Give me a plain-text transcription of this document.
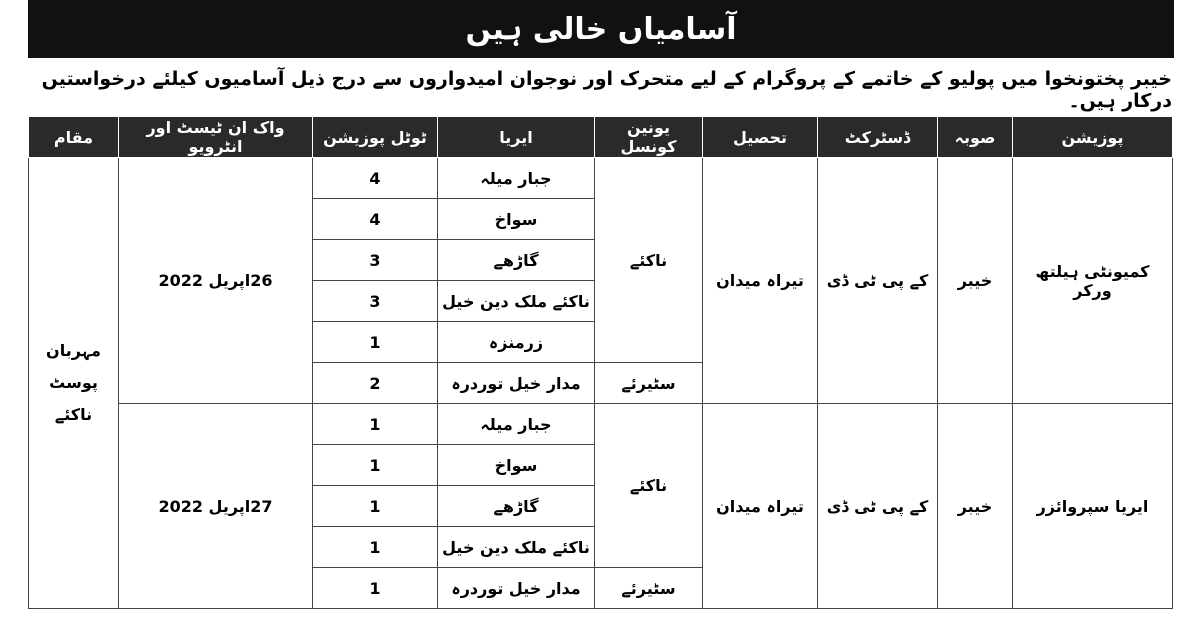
آسامیاں خالی ہیں
خیبر پختونخوا میں پولیو کے خاتمے کے پروگرام کے لیے متحرک اور نوجوان امیدواروں سے درج ذیل آسامیوں کیلئے درخواستیں درکار ہیں۔
پوزیشن	صوبہ	ڈسٹرکٹ	تحصیل	یونین کونسل	ایریا	ٹوٹل پوزیشن	واک ان ٹیسٹ اور انٹرویو	مقام
کمیونٹی ہیلتھ ورکر	خیبر	کے پی ٹی ڈی	تیراہ میدان	ناکئے	جبار میلہ	4	26اپریل 2022	مہربان پوسٹ ناکئے
					سواخ	4		
					گاڑھے	3		
					ناکئے ملک دین خیل	3		
					زرمنزہ	1		
				سٹیرئے	مدار خیل توردرہ	2		
ایریا سپروائزر	خیبر	کے پی ٹی ڈی	تیراہ میدان	ناکئے	جبار میلہ	1	27اپریل 2022	
					سواخ	1		
					گاڑھے	1		
					ناکئے ملک دین خیل	1		
				سٹیرئے	مدار خیل توردرہ	1		
